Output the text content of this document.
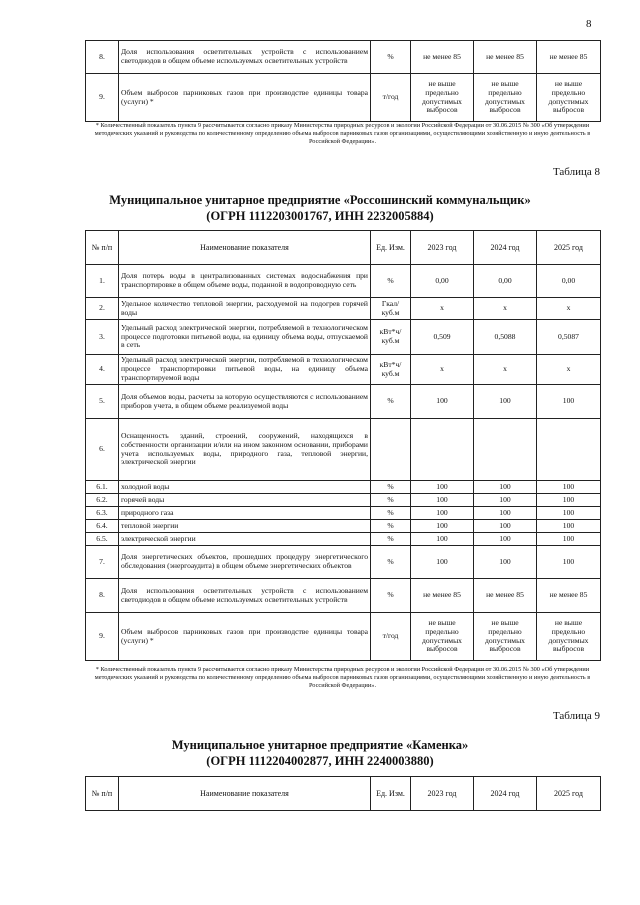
8
8.	Доля использования осветительных устройств с использованием светодиодов в общем объеме используемых осветительных устройств	%	не менее 85	не менее 85	не менее 85
9.	Объем выбросов парниковых газов при производстве единицы товара (услуги) *	т/год	не выше предельно допустимых выбросов	не выше предельно допустимых выбросов	не выше предельно допустимых выбросов
* Количественный показатель пункта 9 рассчитывается согласно приказу Министерства природных ресурсов и экологии Российской Федерации от 30.06.2015 № 300 «Об утверждении методических указаний и руководства по количественному определению объема выбросов парниковых газов организациями, осуществляющими хозяйственную и иную деятельность в Российской Федерации».
Таблица 8
Муниципальное унитарное предприятие «Россошинский коммунальщик»
(ОГРН 1112203001767, ИНН 2232005884)
№ п/п	Наименование показателя	Ед. Изм.	2023 год	2024 год	2025 год
1.	Доля потерь воды в централизованных системах водоснабжения при транспортировке в общем объеме воды, поданной в водопроводную сеть	%	0,00	0,00	0,00
2.	Удельное количество тепловой энергии, расходуемой на подогрев горячей воды	Гкал/ куб.м	х	х	х
3.	Удельный расход электрической энергии, потребляемой в технологическом процессе подготовки питьевой воды, на единицу объема воды, отпускаемой в сеть	кВт*ч/ куб.м	0,509	0,5088	0,5087
4.	Удельный расход электрической энергии, потребляемой в технологическом процессе транспортировки питьевой воды, на единицу объема транспортируемой воды	кВт*ч/ куб.м	х	х	х
5.	Доля объемов воды, расчеты за которую осуществляются с использованием приборов учета, в общем объеме реализуемой воды	%	100	100	100
6.	Оснащенность зданий, строений, сооружений, находящихся в собственности организации и/или на ином законном основании, приборами учета используемых воды, природного газа, тепловой энергии, электрической энергии				
6.1.	холодной воды	%	100	100	100
6.2.	горячей воды	%	100	100	100
6.3.	природного газа	%	100	100	100
6.4.	тепловой энергии	%	100	100	100
6.5.	электрической энергии	%	100	100	100
7.	Доля энергетических объектов, прошедших процедуру энергетического обследования (энергоаудита) в общем объеме энергетических объектов	%	100	100	100
8.	Доля использования осветительных устройств с использованием светодиодов в общем объеме используемых осветительных устройств	%	не менее 85	не менее 85	не менее 85
9.	Объем выбросов парниковых газов при производстве единицы товара (услуги) *	т/год	не выше предельно допустимых выбросов	не выше предельно допустимых выбросов	не выше предельно допустимых выбросов
* Количественный показатель пункта 9 рассчитывается согласно приказу Министерства природных ресурсов и экологии Российской Федерации от 30.06.2015 № 300 «Об утверждении методических указаний и руководства по количественному определению объема выбросов парниковых газов организациями, осуществляющими хозяйственную и иную деятельность в Российской Федерации».
Таблица 9
Муниципальное унитарное предприятие «Каменка»
(ОГРН 1112204002877, ИНН 2240003880)
№ п/п	Наименование показателя	Ед. Изм.	2023 год	2024 год	2025 год
